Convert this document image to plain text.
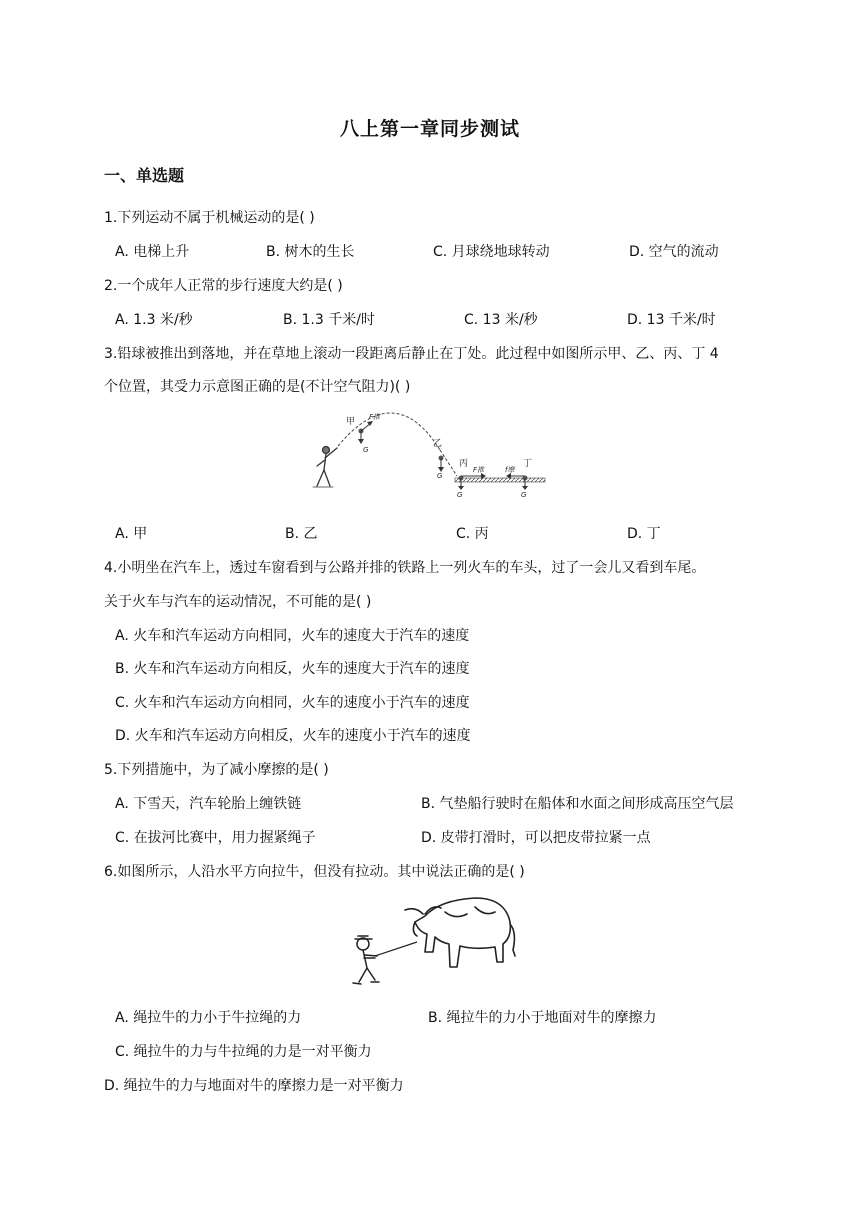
八上第一章同步测试
一、单选题
1.下列运动不属于机械运动的是( )
A. 电梯上升	B. 树木的生长	C. 月球绕地球转动	D. 空气的流动
2.一个成年人正常的步行速度大约是( )
A. 1.3 米/秒	B. 1.3 千米/时	C. 13 米/秒	D. 13 千米/时
3.铅球被推出到落地，并在草地上滚动一段距离后静止在丁处。此过程中如图所示甲、乙、丙、丁 4
个位置，其受力示意图正确的是(不计空气阻力)( )
甲 F推
G
乙
G
丙
F推
G
f摩
丁
G
A. 甲	B. 乙	C. 丙	D. 丁
4.小明坐在汽车上，透过车窗看到与公路并排的铁路上一列火车的车头，过了一会儿又看到车尾。
关于火车与汽车的运动情况，不可能的是( )
A. 火车和汽车运动方向相同，火车的速度大于汽车的速度
B. 火车和汽车运动方向相反，火车的速度大于汽车的速度
C. 火车和汽车运动方向相同，火车的速度小于汽车的速度
D. 火车和汽车运动方向相反，火车的速度小于汽车的速度
5.下列措施中，为了减小摩擦的是( )
A. 下雪天，汽车轮胎上缠铁链	B. 气垫船行驶时在船体和水面之间形成高压空气层
C. 在拔河比赛中，用力握紧绳子	D. 皮带打滑时，可以把皮带拉紧一点
6.如图所示，人沿水平方向拉牛，但没有拉动。其中说法正确的是( )
A. 绳拉牛的力小于牛拉绳的力	B. 绳拉牛的力小于地面对牛的摩擦力
C. 绳拉牛的力与牛拉绳的力是一对平衡力
D. 绳拉牛的力与地面对牛的摩擦力是一对平衡力
